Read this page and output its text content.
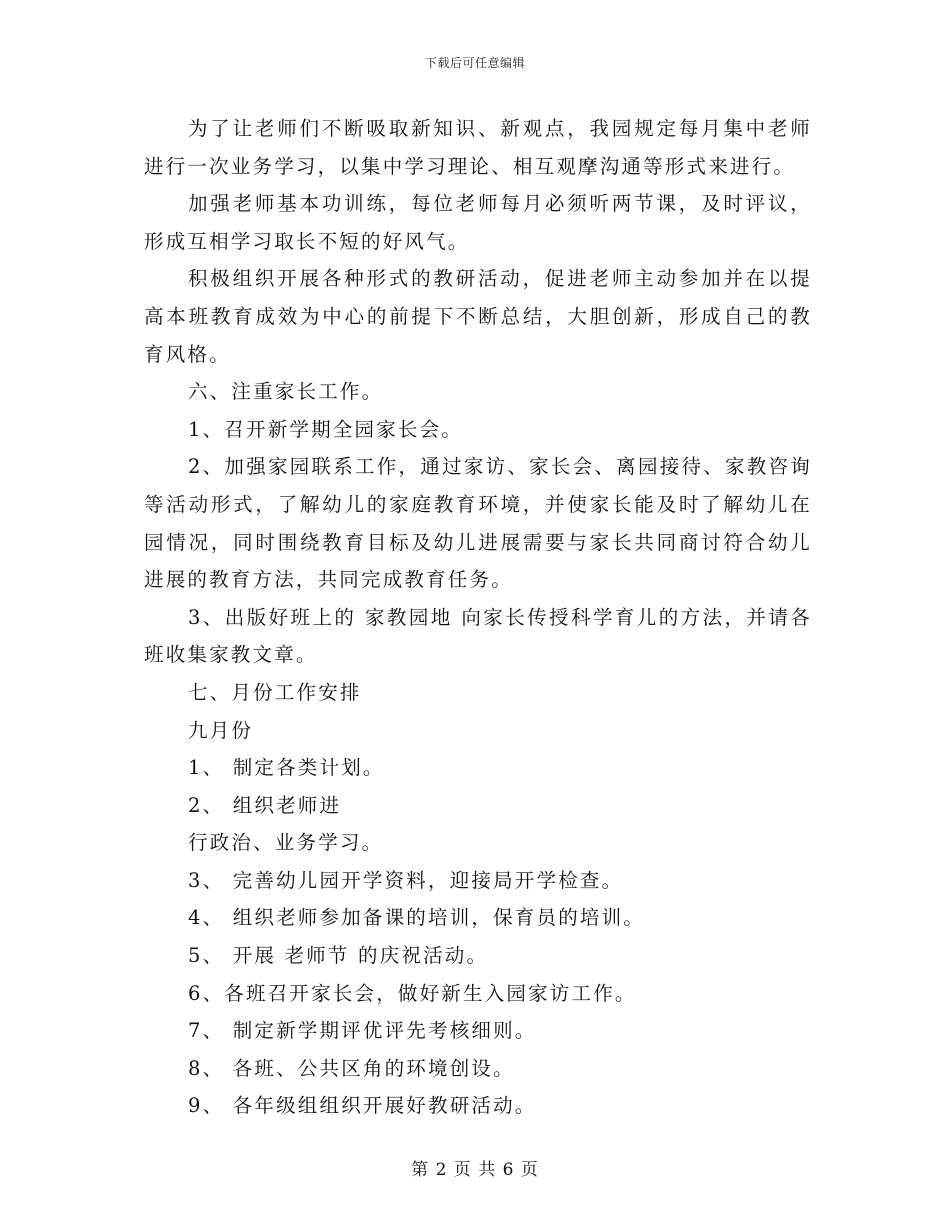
下载后可任意编辑

为了让老师们不断吸取新知识、新观点，我园规定每月集中老师进行一次业务学习，以集中学习理论、相互观摩沟通等形式来进行。

加强老师基本功训练，每位老师每月必须听两节课，及时评议，形成互相学习取长不短的好风气。

积极组织开展各种形式的教研活动，促进老师主动参加并在以提高本班教育成效为中心的前提下不断总结，大胆创新，形成自己的教育风格。

六、注重家长工作。

1、召开新学期全园家长会。

2、加强家园联系工作，通过家访、家长会、离园接待、家教咨询等活动形式，了解幼儿的家庭教育环境，并使家长能及时了解幼儿在园情况，同时围绕教育目标及幼儿进展需要与家长共同商讨符合幼儿进展的教育方法，共同完成教育任务。

3、出版好班上的 家教园地 向家长传授科学育儿的方法，并请各班收集家教文章。

七、月份工作安排

九月份

1、 制定各类计划。

2、 组织老师进

行政治、业务学习。

3、 完善幼儿园开学资料，迎接局开学检查。

4、 组织老师参加备课的培训，保育员的培训。

5、 开展 老师节 的庆祝活动。

6、各班召开家长会，做好新生入园家访工作。

7、 制定新学期评优评先考核细则。

8、 各班、公共区角的环境创设。

9、 各年级组组织开展好教研活动。

第 2 页 共 6 页
